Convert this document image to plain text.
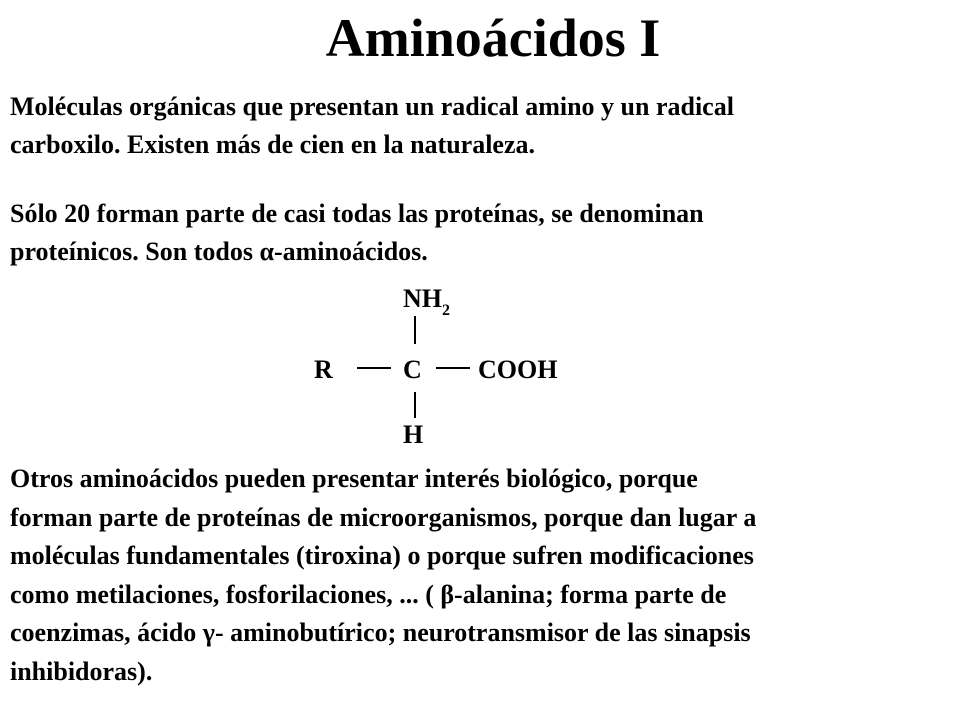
Aminoácidos I

Moléculas orgánicas que presentan un radical amino y un radical
carboxilo. Existen más de cien en la naturaleza.

Sólo 20 forman parte de casi todas las proteínas, se denominan
proteínicos. Son todos α-aminoácidos.

$NH_2$
R	C COOH
H

Otros aminoácidos pueden presentar interés biológico, porque
forman parte de proteínas de microorganismos, porque dan lugar a
moléculas fundamentales (tiroxina) o porque sufren modificaciones
como metilaciones, fosforilaciones, ... ( β-alanina; forma parte de
coenzimas, ácido γ- aminobutírico; neurotransmisor de las sinapsis
inhibidoras).
